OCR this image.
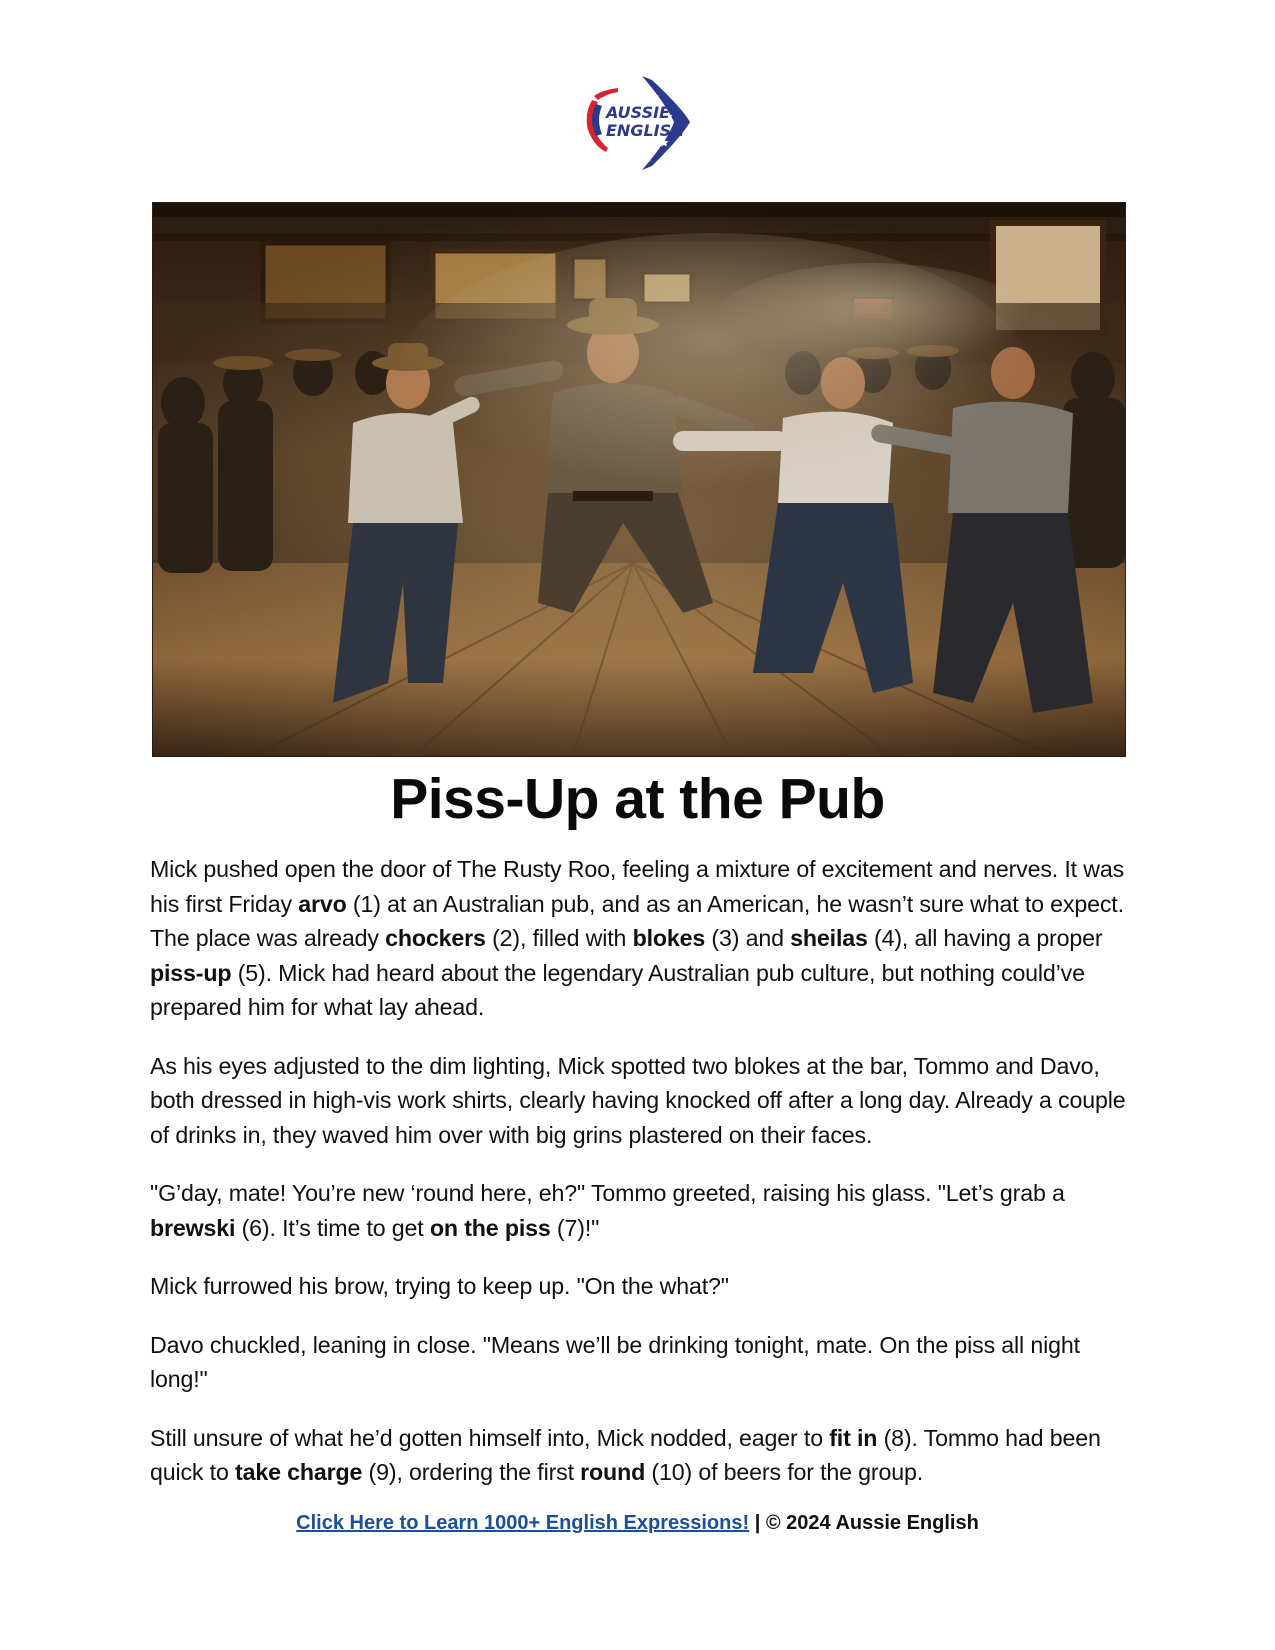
AUSSIE
ENGLISH
Piss-Up at the Pub

Mick pushed open the door of The Rusty Roo, feeling a mixture of excitement and nerves. It was his first Friday arvo (1) at an Australian pub, and as an American, he wasn’t sure what to expect. The place was already chockers (2), filled with blokes (3) and sheilas (4), all having a proper piss-up (5). Mick had heard about the legendary Australian pub culture, but nothing could’ve prepared him for what lay ahead.

As his eyes adjusted to the dim lighting, Mick spotted two blokes at the bar, Tommo and Davo, both dressed in high-vis work shirts, clearly having knocked off after a long day. Already a couple of drinks in, they waved him over with big grins plastered on their faces.

"G’day, mate! You’re new ‘round here, eh?" Tommo greeted, raising his glass. "Let’s grab a brewski (6). It’s time to get on the piss (7)!"

Mick furrowed his brow, trying to keep up. "On the what?"

Davo chuckled, leaning in close. "Means we’ll be drinking tonight, mate. On the piss all night long!"

Still unsure of what he’d gotten himself into, Mick nodded, eager to fit in (8). Tommo had been quick to take charge (9), ordering the first round (10) of beers for the group.

Click Here to Learn 1000+ English Expressions! | © 2024 Aussie English
